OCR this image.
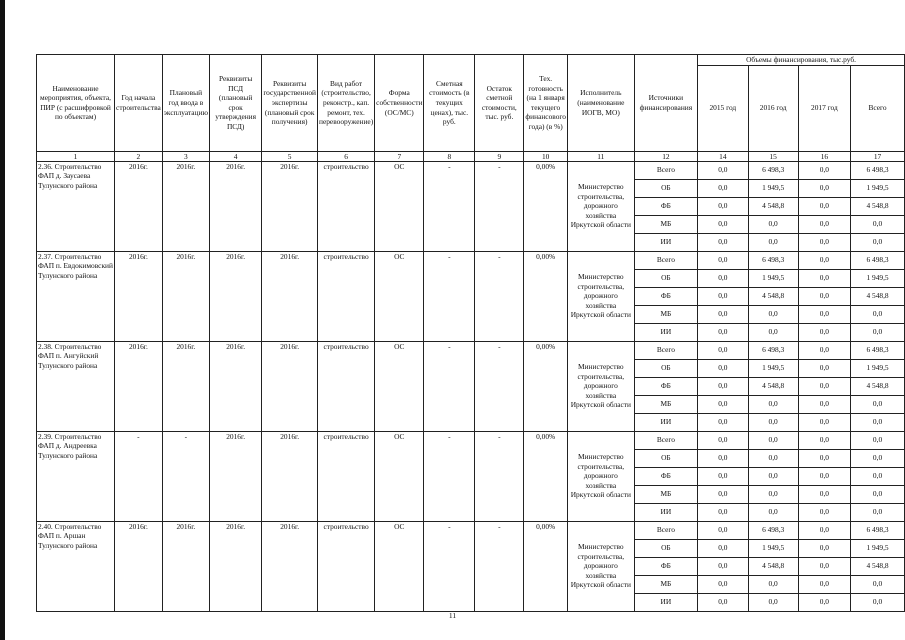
Наименование мероприятия, объекта, ПИР (с расшифровкой по объектам)	Год начала строительства	Плановый год ввода в эксплуатацию	Реквизиты ПСД (плановый срок утверждения ПСД)	Реквизиты государственной экспертизы (плановый срок получения)	Вид работ (строительство, реконстр., кап. ремонт, тех. перевооружение)	Форма собственности (ОС/МС)	Сметная стоимость (в текущих ценах), тыс. руб.	Остаток сметной стоимости, тыс. руб.	Тех. готовность (на 1 января текущего финансового года) (в %)	Исполнитель (наименование ИОГВ, МО)	Источники финансирования	Объемы финансирования, тыс.руб.			
												2015 год	2016 год	2017 год	Всего
1	2	3	4	5	6	7	8	9	10	11	12	14	15	16	17
2.36. Строительство ФАП д. Заусаева Тулунского района	2016г.	2016г.	2016г.	2016г.	строительство	ОС	-	-	0,00%	Министерство строительства, дорожного хозяйства Иркутской области	Всего	0,0	6 498,3	0,0	6 498,3
											ОБ	0,0	1 949,5	0,0	1 949,5
											ФБ	0,0	4 548,8	0,0	4 548,8
											МБ	0,0	0,0	0,0	0,0
											ИИ	0,0	0,0	0,0	0,0
2.37. Строительство ФАП п. Евдокимовский Тулунского района	2016г.	2016г.	2016г.	2016г.	строительство	ОС	-	-	0,00%	Министерство строительства, дорожного хозяйства Иркутской области	Всего	0,0	6 498,3	0,0	6 498,3
											ОБ	0,0	1 949,5	0,0	1 949,5
											ФБ	0,0	4 548,8	0,0	4 548,8
											МБ	0,0	0,0	0,0	0,0
											ИИ	0,0	0,0	0,0	0,0
2.38. Строительство ФАП п. Ангуйский Тулунского района	2016г.	2016г.	2016г.	2016г.	строительство	ОС	-	-	0,00%	Министерство строительства, дорожного хозяйства Иркутской области	Всего	0,0	6 498,3	0,0	6 498,3
											ОБ	0,0	1 949,5	0,0	1 949,5
											ФБ	0,0	4 548,8	0,0	4 548,8
											МБ	0,0	0,0	0,0	0,0
											ИИ	0,0	0,0	0,0	0,0
2.39. Строительство ФАП д. Андреевка Тулунского района	-	-	2016г.	2016г.	строительство	ОС	-	-	0,00%	Министерство строительства, дорожного хозяйства Иркутской области	Всего	0,0	0,0	0,0	0,0
											ОБ	0,0	0,0	0,0	0,0
											ФБ	0,0	0,0	0,0	0,0
											МБ	0,0	0,0	0,0	0,0
											ИИ	0,0	0,0	0,0	0,0
2.40. Строительство ФАП п. Аршан Тулунского района	2016г.	2016г.	2016г.	2016г.	строительство	ОС	-	-	0,00%	Министерство строительства, дорожного хозяйства Иркутской области	Всего	0,0	6 498,3	0,0	6 498,3
											ОБ	0,0	1 949,5	0,0	1 949,5
											ФБ	0,0	4 548,8	0,0	4 548,8
											МБ	0,0	0,0	0,0	0,0
											ИИ	0,0	0,0	0,0	0,0
11
